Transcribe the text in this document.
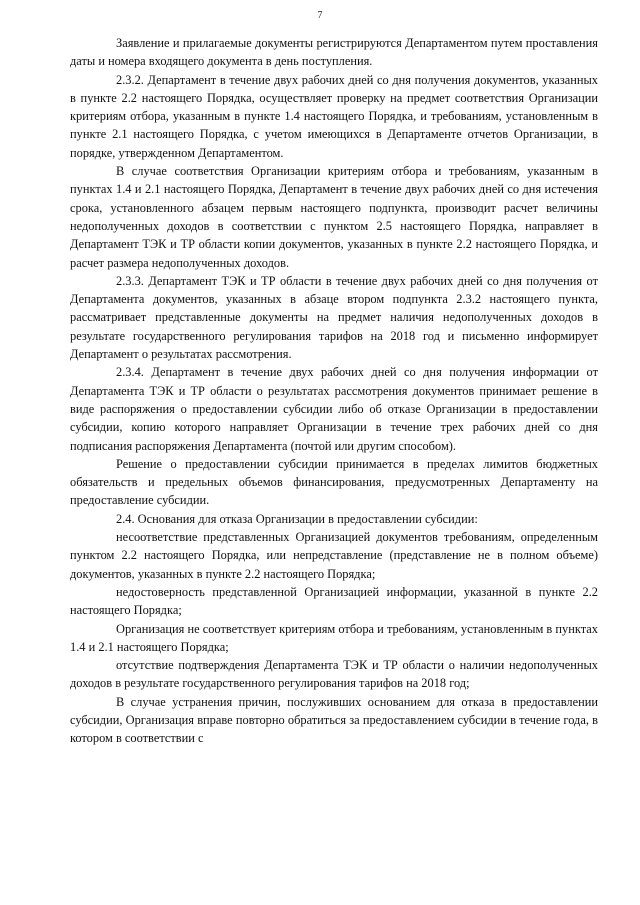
7

Заявление и прилагаемые документы регистрируются Департаментом путем проставления даты и номера входящего документа в день поступления.

2.3.2. Департамент в течение двух рабочих дней со дня получения документов, указанных в пункте 2.2 настоящего Порядка, осуществляет проверку на предмет соответствия Организации критериям отбора, указанным в пункте 1.4 настоящего Порядка, и требованиям, установленным в пункте 2.1 настоящего Порядка, с учетом имеющихся в Департаменте отчетов Организации, в порядке, утвержденном Департаментом.

В случае соответствия Организации критериям отбора и требованиям, указанным в пунктах 1.4 и 2.1 настоящего Порядка, Департамент в течение двух рабочих дней со дня истечения срока, установленного абзацем первым настоящего подпункта, производит расчет величины недополученных доходов в соответствии с пунктом 2.5 настоящего Порядка, направляет в Департамент ТЭК и ТР области копии документов, указанных в пункте 2.2 настоящего Порядка, и расчет размера недополученных доходов.

2.3.3. Департамент ТЭК и ТР области в течение двух рабочих дней со дня получения от Департамента документов, указанных в абзаце втором подпункта 2.3.2 настоящего пункта, рассматривает представленные документы на предмет наличия недополученных доходов в результате государственного регулирования тарифов на 2018 год и письменно информирует Департамент о результатах рассмотрения.

2.3.4. Департамент в течение двух рабочих дней со дня получения информации от Департамента ТЭК и ТР области о результатах рассмотрения документов принимает решение в виде распоряжения о предоставлении субсидии либо об отказе Организации в предоставлении субсидии, копию которого направляет Организации в течение трех рабочих дней со дня подписания распоряжения Департамента (почтой или другим способом).

Решение о предоставлении субсидии принимается в пределах лимитов бюджетных обязательств и предельных объемов финансирования, предусмотренных Департаменту на предоставление субсидии.

2.4. Основания для отказа Организации в предоставлении субсидии:

несоответствие представленных Организацией документов требованиям, определенным пунктом 2.2 настоящего Порядка, или непредставление (представление не в полном объеме) документов, указанных в пункте 2.2 настоящего Порядка;

недостоверность представленной Организацией информации, указанной в пункте 2.2 настоящего Порядка;

Организация не соответствует критериям отбора и требованиям, установленным в пунктах 1.4 и 2.1 настоящего Порядка;

отсутствие подтверждения Департамента ТЭК и ТР области о наличии недополученных доходов в результате государственного регулирования тарифов на 2018 год;

В случае устранения причин, послуживших основанием для отказа в предоставлении субсидии, Организация вправе повторно обратиться за предоставлением субсидии в течение года, в котором в соответствии с
